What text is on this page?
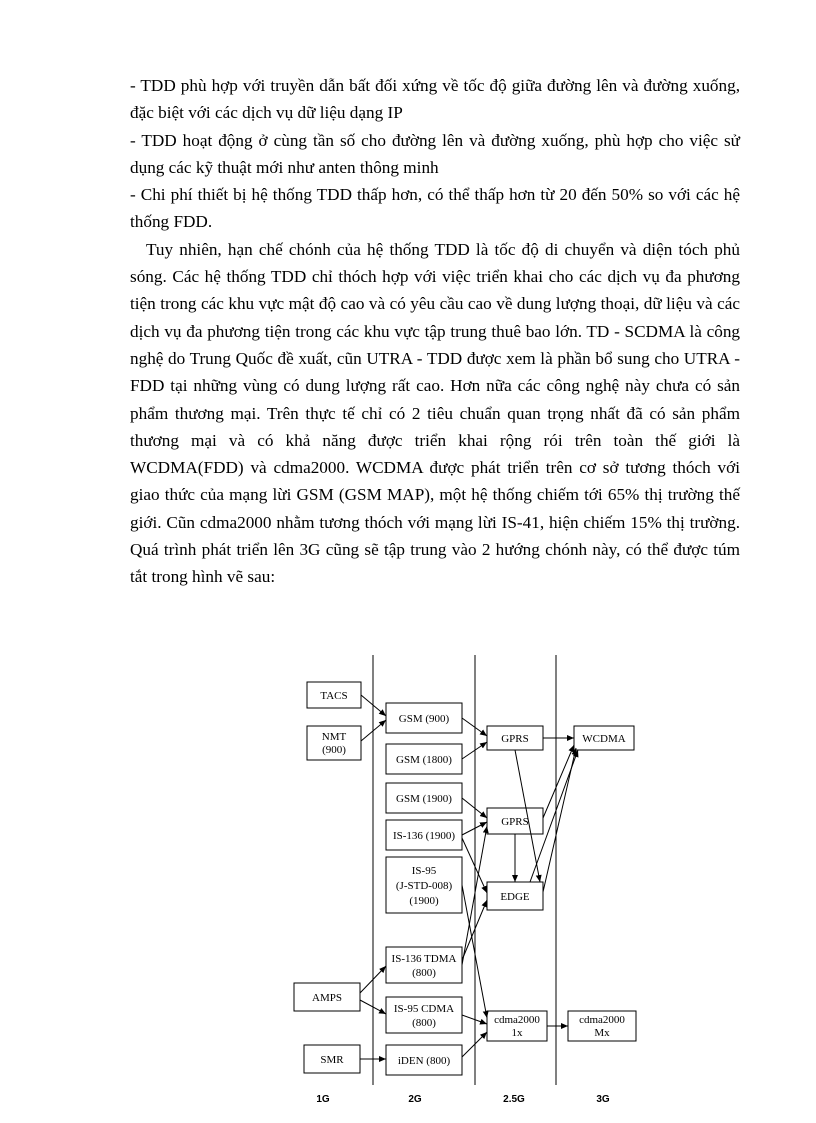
- TDD phù hợp với truyền dẫn bất đối xứng về tốc độ giữa đường lên và đường xuống, đặc biệt với các dịch vụ dữ liệu dạng IP

- TDD hoạt động ở cùng tần số cho đường lên và đường xuống, phù hợp cho việc sử dụng các kỹ thuật mới như anten thông minh

- Chi phí thiết bị hệ thống TDD thấp hơn, có thể thấp hơn từ 20 đến 50% so với các hệ thống FDD.

Tuy nhiên, hạn chế chónh của hệ thống TDD là tốc độ di chuyển và diện tóch phủ sóng. Các hệ thống TDD chỉ thóch hợp với việc triển khai cho các dịch vụ đa phương tiện trong các khu vực mật độ cao và có yêu cầu cao về dung lượng thoại, dữ liệu và các dịch vụ đa phương tiện trong các khu vực tập trung thuê bao lớn. TD - SCDMA là công nghệ do Trung Quốc đề xuất, cũn UTRA - TDD được xem là phần bổ sung cho UTRA - FDD tại những vùng có dung lượng rất cao. Hơn nữa các công nghệ này chưa có sản phẩm thương mại. Trên thực tế chỉ có 2 tiêu chuẩn quan trọng nhất đã có sản phẩm thương mại và có khả năng được triển khai rộng rói trên toàn thế giới là WCDMA(FDD) và cdma2000. WCDMA được phát triển trên cơ sở tương thóch với giao thức của mạng lừi GSM (GSM MAP), một hệ thống chiếm tới 65% thị trường thế giới. Cũn cdma2000 nhằm tương thóch với mạng lừi IS-41, hiện chiếm 15% thị trường. Quá trình phát triển lên 3G cũng sẽ tập trung vào 2 hướng chónh này, có thể được túm tắt trong hình vẽ sau:

TACS
NMT
(900)
AMPS
SMR
GSM (900)
GSM (1800)
GSM (1900)
IS-136 (1900)
IS-95
(J-STD-008)
(1900)
IS-136 TDMA
(800)
IS-95 CDMA
(800)
iDEN (800)
GPRS
GPRS
EDGE
cdma2000
1x
WCDMA
cdma2000
Mx
1G	2G	2.5G	3G
